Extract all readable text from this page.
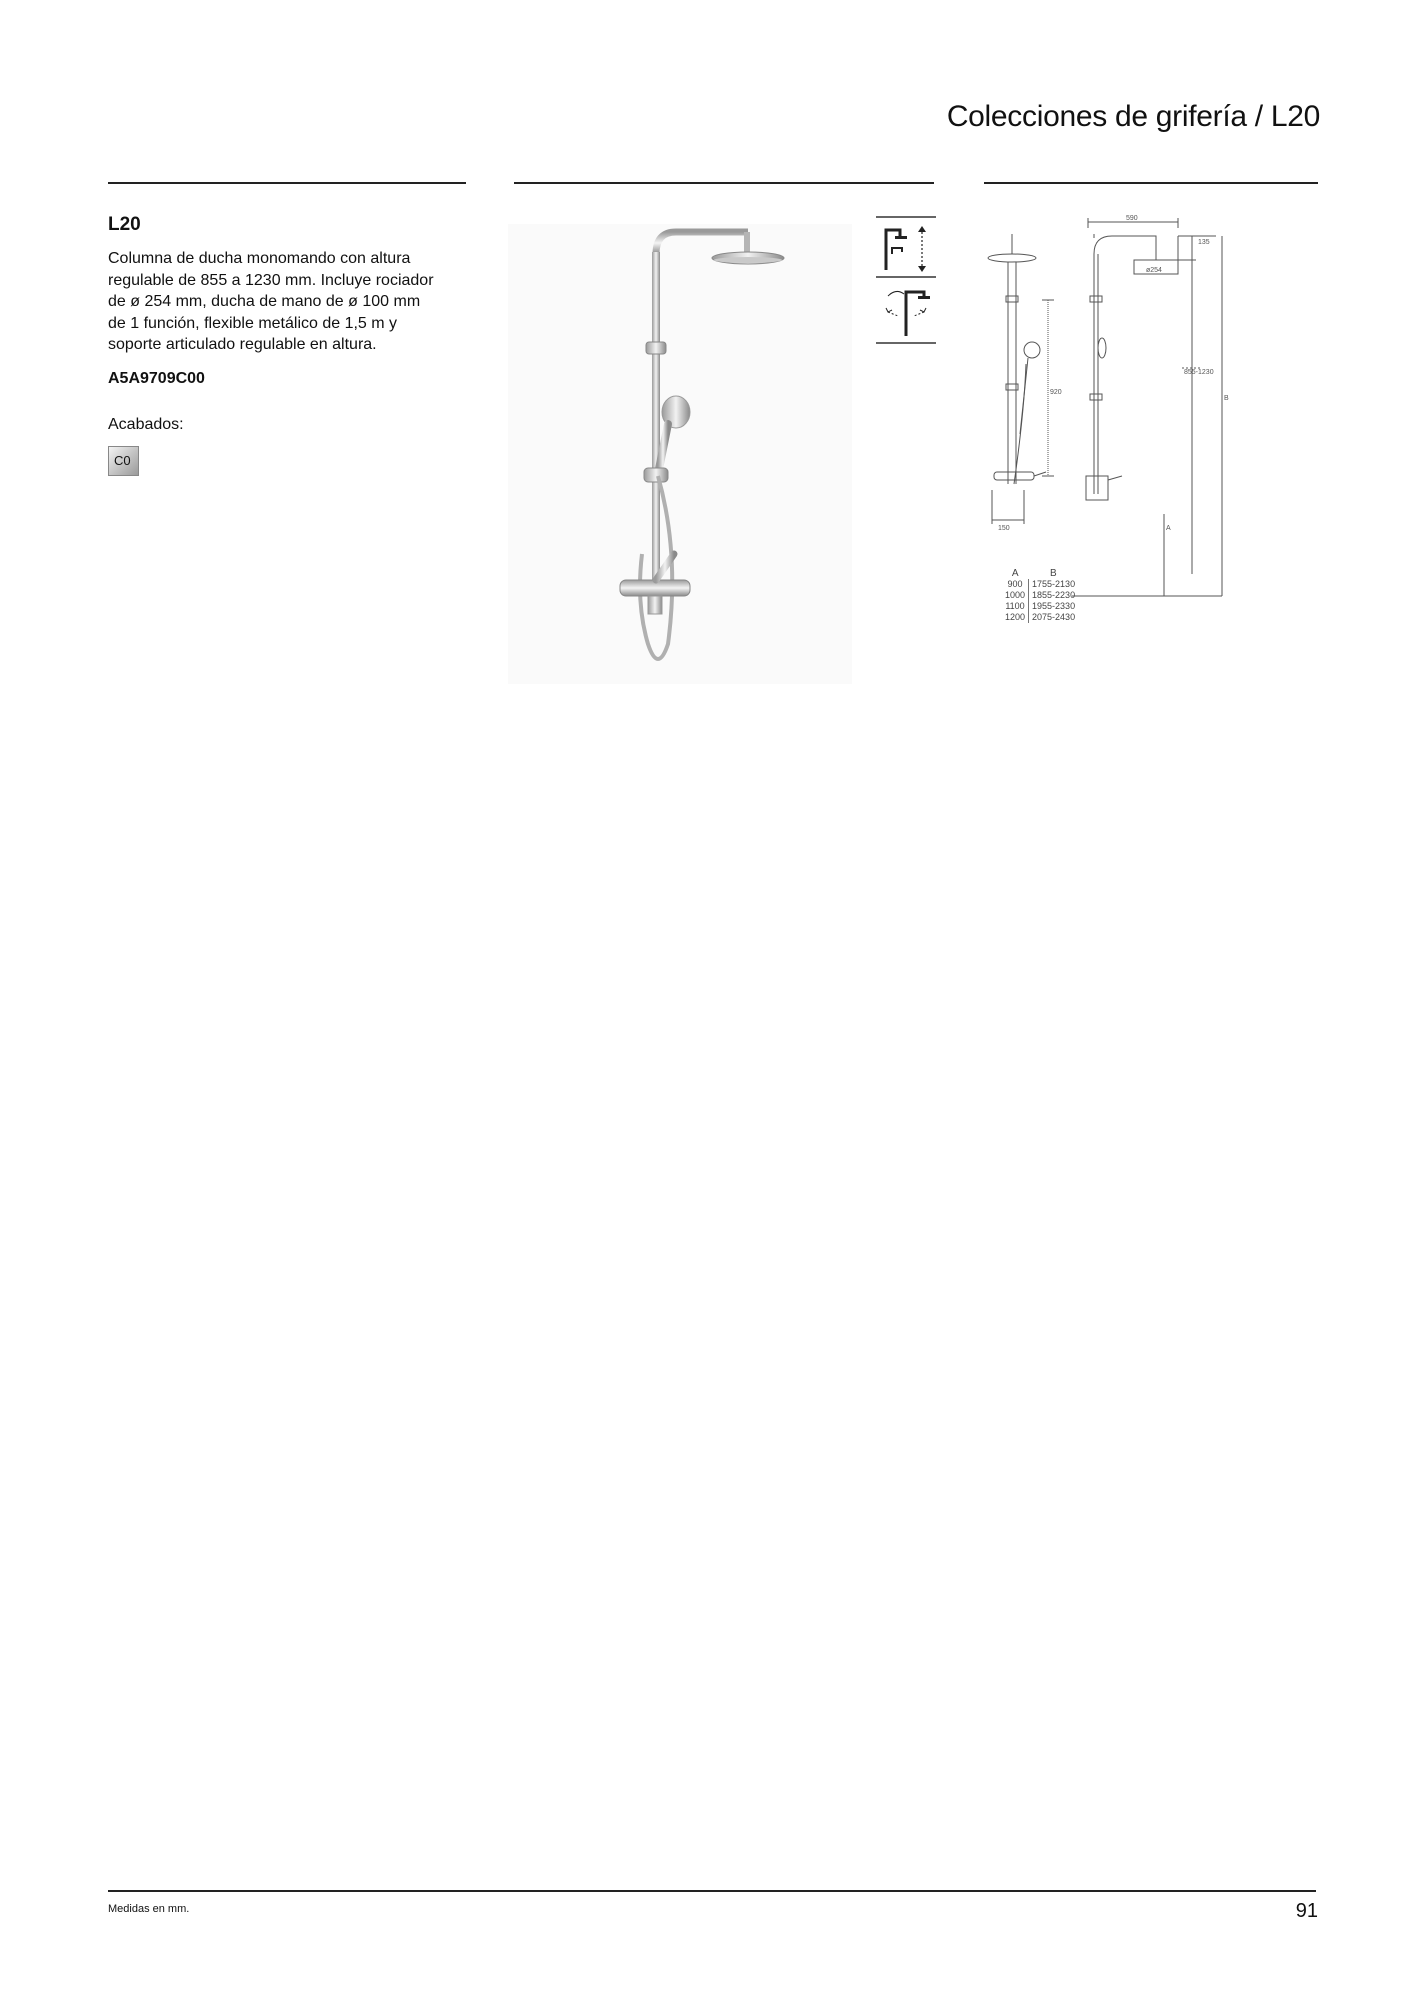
Colecciones de grifería / L20
L20
Columna de ducha monomando con altura
regulable de 855 a 1230 mm. Incluye rociador
de ø 254 mm, ducha de mano de ø 100 mm
de 1 función, flexible metálico de 1,5 m y
soporte articulado regulable en altura.
A5A9709C00
Acabados:
C0
590
135
ø254
920
855-1230
B
A
150
A	B
900	1755-2130
1000	1855-2230
1100	1955-2330
1200	2075-2430
Medidas en mm.	91
